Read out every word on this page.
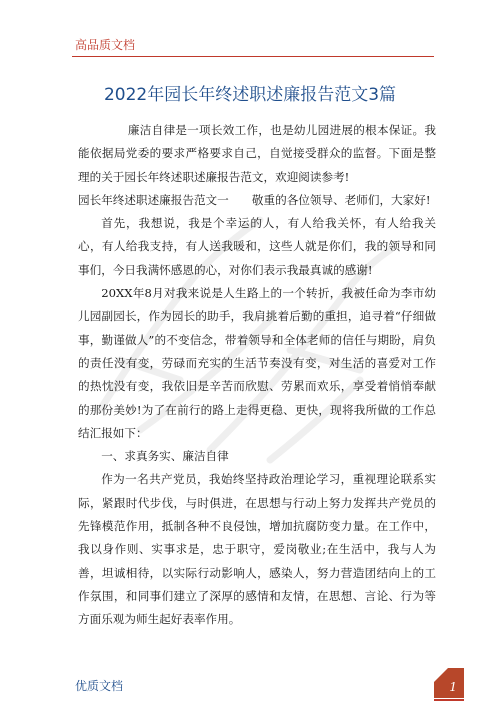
高品质文档
2022年园长年终述职述廉报告范文3篇

廉洁自律是一项长效工作，也是幼儿园进展的根本保证。我能依据局党委的要求严格要求自己，自觉接受群众的监督。下面是整理的关于园长年终述职述廉报告范文，欢迎阅读参考!

园长年终述职述廉报告范文一   敬重的各位领导、老师们，大家好!

首先，我想说，我是个幸运的人，有人给我关怀，有人给我关心，有人给我支持，有人送我暖和，这些人就是你们，我的领导和同事们，今日我满怀感恩的心，对你们表示我最真诚的感谢!

20XX年8月对我来说是人生路上的一个转折，我被任命为李市幼儿园副园长，作为园长的助手，我肩挑着后勤的重担，追寻着“仔细做事，勤谨做人”的不变信念，带着领导和全体老师的信任与期盼，肩负的责任没有变，劳碌而充实的生活节奏没有变，对生活的喜爱对工作的热忱没有变，我依旧是辛苦而欣慰、劳累而欢乐，享受着悄悄奉献的那份美妙!为了在前行的路上走得更稳、更快，现将我所做的工作总结汇报如下：

一、求真务实、廉洁自律

作为一名共产党员，我始终坚持政治理论学习，重视理论联系实际，紧跟时代步伐，与时俱进，在思想与行动上努力发挥共产党员的先锋模范作用，抵制各种不良侵蚀，增加抗腐防变力量。在工作中，我以身作则、实事求是，忠于职守，爱岗敬业;在生活中，我与人为善，坦诚相待，以实际行动影响人，感染人，努力营造团结向上的工作氛围，和同事们建立了深厚的感情和友情，在思想、言论、行为等方面乐观为师生起好表率作用。

优质文档	1
